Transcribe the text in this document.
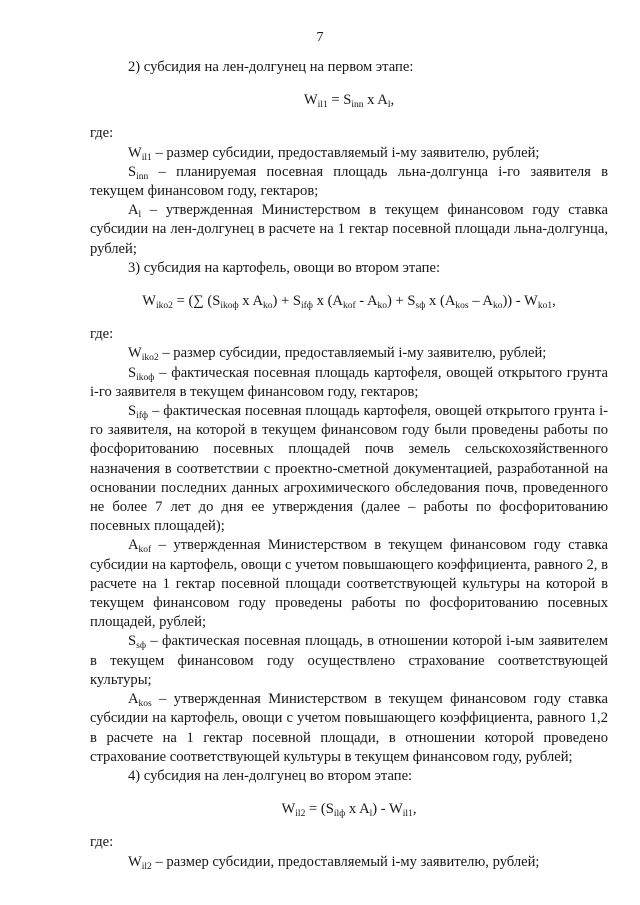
7

2) субсидия на лен-долгунец на первом этапе:

$W_{il1} = S_{inn}$ x $A_l$,

где:

$W_{il1}$ – размер субсидии, предоставляемый i-му заявителю, рублей;

$S_{inn}$ – планируемая посевная площадь льна-долгунца i-го заявителя в текущем финансовом году, гектаров;

$A_l$ – утвержденная Министерством в текущем финансовом году ставка субсидии на лен-долгунец в расчете на 1 гектар посевной площади льна-долгунца, рублей;

3) субсидия на картофель, овощи во втором этапе:

$W_{iko2}$ = (∑ ($S_{ikoф}$ x $A_{ko}) + S_{ifф}$ x $(A_{kof} - A_{ko}) + S_{sф}$ x $(A_{kos} - A_{ko})) - W_{ko1}$,

где:

$W_{iko2}$ – размер субсидии, предоставляемый i-му заявителю, рублей;

$S_{ikoф}$ – фактическая посевная площадь картофеля, овощей открытого грунта i-го заявителя в текущем финансовом году, гектаров;

$S_{ifф}$ – фактическая посевная площадь картофеля, овощей открытого грунта i-го заявителя, на которой в текущем финансовом году были проведены работы по фосфоритованию посевных площадей почв земель сельскохозяйственного назначения в соответствии с проектно-сметной документацией, разработанной на основании последних данных агрохимического обследования почв, проведенного не более 7 лет до дня ее утверждения (далее – работы по фосфоритованию посевных площадей);

$A_{kof}$ – утвержденная Министерством в текущем финансовом году ставка субсидии на картофель, овощи с учетом повышающего коэффициента, равного 2, в расчете на 1 гектар посевной площади соответствующей культуры на которой в текущем финансовом году проведены работы по фосфоритованию посевных площадей, рублей;

$S_{sф}$ – фактическая посевная площадь, в отношении которой i-ым заявителем в текущем финансовом году осуществлено страхование соответствующей культуры;

$A_{kos}$ – утвержденная Министерством в текущем финансовом году ставка субсидии на картофель, овощи с учетом повышающего коэффициента, равного 1,2 в расчете на 1 гектар посевной площади, в отношении которой проведено страхование соответствующей культуры в текущем финансовом году, рублей;

4) субсидия на лен-долгунец во втором этапе:

$W_{il2} = (S_{ilф}$ x $A_l) - W_{il1}$,

где:

$W_{il2}$ – размер субсидии, предоставляемый i-му заявителю, рублей;
